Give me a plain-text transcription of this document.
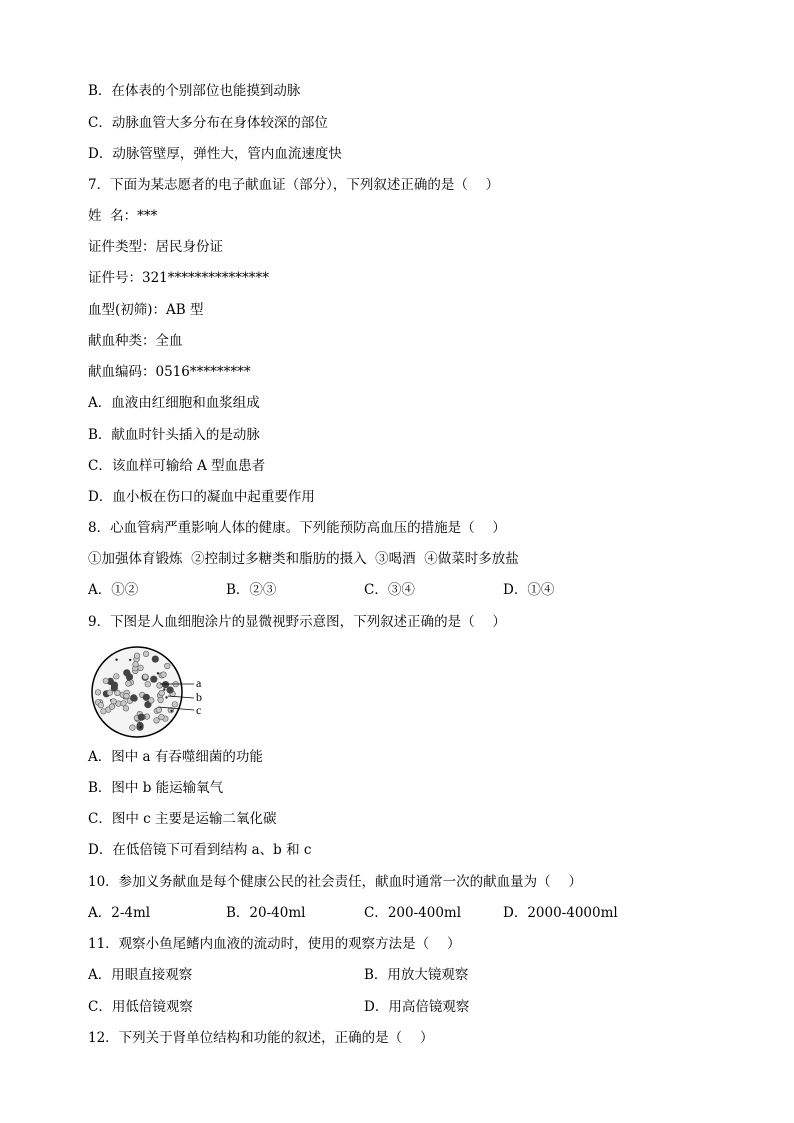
B．在体表的个别部位也能摸到动脉
C．动脉血管大多分布在身体较深的部位
D．动脉管壁厚，弹性大，管内血流速度快
7．下面为某志愿者的电子献血证（部分），下列叙述正确的是（　 ）
姓  名：***
证件类型：居民身份证
证件号：321***************
血型(初筛)：AB 型
献血种类：全血
献血编码：0516*********
A．血液由红细胞和血浆组成
B．献血时针头插入的是动脉
C．该血样可输给 A 型血患者
D．血小板在伤口的凝血中起重要作用
8．心血管病严重影响人体的健康。下列能预防高血压的措施是（　 ）
①加强体育锻炼  ②控制过多糖类和脂肪的摄入  ③喝酒  ④做菜时多放盐
A．①②	B．②③	C．③④	D．①④
9．下图是人血细胞涂片的显微视野示意图，下列叙述正确的是（　 ）
a
b
c
A．图中 a 有吞噬细菌的功能
B．图中 b 能运输氧气
C．图中 c 主要是运输二氧化碳
D．在低倍镜下可看到结构 a、b 和 c
10．参加义务献血是每个健康公民的社会责任，献血时通常一次的献血量为（　 ）
A．2-4ml	B．20-40ml	C．200-400ml	D．2000-4000ml
11．观察小鱼尾鳍内血液的流动时，使用的观察方法是（　 ）
A．用眼直接观察	B．用放大镜观察
C．用低倍镜观察	D．用高倍镜观察
12．下列关于肾单位结构和功能的叙述，正确的是（　 ）
